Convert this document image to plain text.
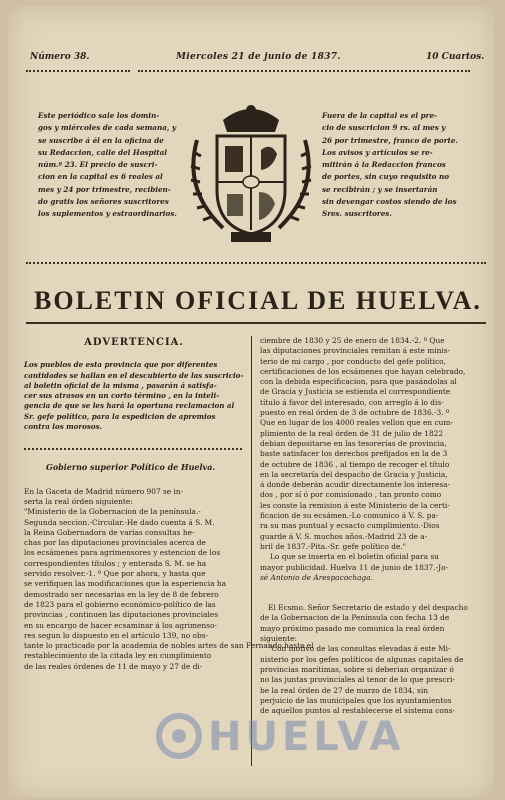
Número 38.	Miercoles 21 de junio de 1837.	10 Cuartos.
Este periódico sale los domin-
gos y miércoles de cada semana, y
se suscribe á él en la oficina de
su Redaccion, calle del Hospital
núm.º 23. El precio de suscri-
cion en la capital es 6 reales al
mes y 24 por trimestre, recibien-
do gratis los señores suscritores
los suplementos y estraordinarios.
Fuera de la capital es el pre-
cio de suscricion 9 rs. al mes y
26 por trimestre, franco de porte.
Los avisos y artículos se re-
mitirán á la Redaccion francos
de portes, sin cuyo requisito no
se recibirán ; y se insertarán
sin devengar costos siendo de los
Sres. suscritores.
BOLETIN OFICIAL DE HUELVA.
ADVERTENCIA.
Los pueblos de esta provincia que por diferentes
cantidades se hallan en el descubierto de las suscricio-
al boletin oficial de la misma , pasarán á satisfa-
cer sus atrasos en un corto término , en la inteli-
gencia de que se les hará la oportuna reclamacion al
Sr. gefe político, para la espedicion de apremios
contra los morosos.
Gobierno superior Político de Huelva.
En la Gaceta de Madrid número 907 se in-
serta la real órden siguiente:
"Ministerio de la Gobernacion de la península.-
Segunda seccion.-Circular.-He dado cuenta á S. M.
la Reina Gobernadora de varias consultas he-
chas por las diputaciones provinciales acerca de
los ecsámenes para agrimensores y estencion de los
correspondientes títulos ; y enterada S. M. se ha
servido resolver.-1. º Que por ahora, y hasta que
se verifiquen las modificaciones que la esperiencia ha
demostrado ser necesarias en la ley de 8 de febrero
de 1823 para el gobierno económico-político de las
provincias , continuen las diputaciones provinciales
en su encargo de hacer ecsaminar á los agrimenso-
res segun lo dispuesto en el artículo 139, no obs-
tante lo practicado por la academia de nobles artes de san Fernando hasta el
restablecimiento de la citada ley en cumplimiento
de las reales órdenes de 11 de mayo y 27 de di-
ciembre de 1830 y 25 de enero de 1834.-2. º Que
las diputaciones provinciales remitan á este minis-
terio de mi cargo , por conducto del gefe político,
certificaciones de los ecsámenes que hayan celebrado,
con la debida especificacion, para que pasándolas al
de Gracia y Justicia se estienda el correspondiente
título á favor del interesado, con arreglo á lo dis-
puesto en real órden de 3 de octubre de 1836.-3. º
Que en lugar de los 4000 reales vellon que en cum-
plimiento de la real órden de 31 de julio de 1822
debian depositarse en las tesorerías de provincia,
baste satisfacer los derechos prefijados en la de 3
de octubre de 1836 , al tiempo de recoger el título
en la secretaría del despacho de Gracia y Justicia,
á donde deberán acudir directamente los interesa-
dos , por sí ó por comisionado , tan pronto como
les conste la remision á este Ministerio de la certi-
ficacion de su ecsámen.-Lo comunico á V. S. pa-
ra su mas puntual y ecsacto cumplimiento.-Dios
guarde á V. S. muchos años.-Madrid 23 de a-
bril de 1837.-Pita.-Sr. gefe político de."
Lo que se inserta en el boletin oficial para su
mayor publicidad. Huelva 11 de junio de 1837.-Jo-
sé Antonio de Arespacochaga.
El Ecsmo. Señor Secretario de estado y del despacho
de la Gobernacion de la Península con fecha 13 de
mayo próximo pasado me comunica la real órden
siguiente:
"Con motivo de las consultas elevadas á este Mi-
nisterio por los gefes políticos de algunas capitales de
provincias marítimas, sobre si deberian organizar ó
no las juntas provinciales al tenor de lo que prescri-
be la real órden de 27 de marzo de 1834, sin
perjuicio de las municipales que los ayuntamientos
de aquellos puntos al restablecerse el sistema cons-
HUELVA
